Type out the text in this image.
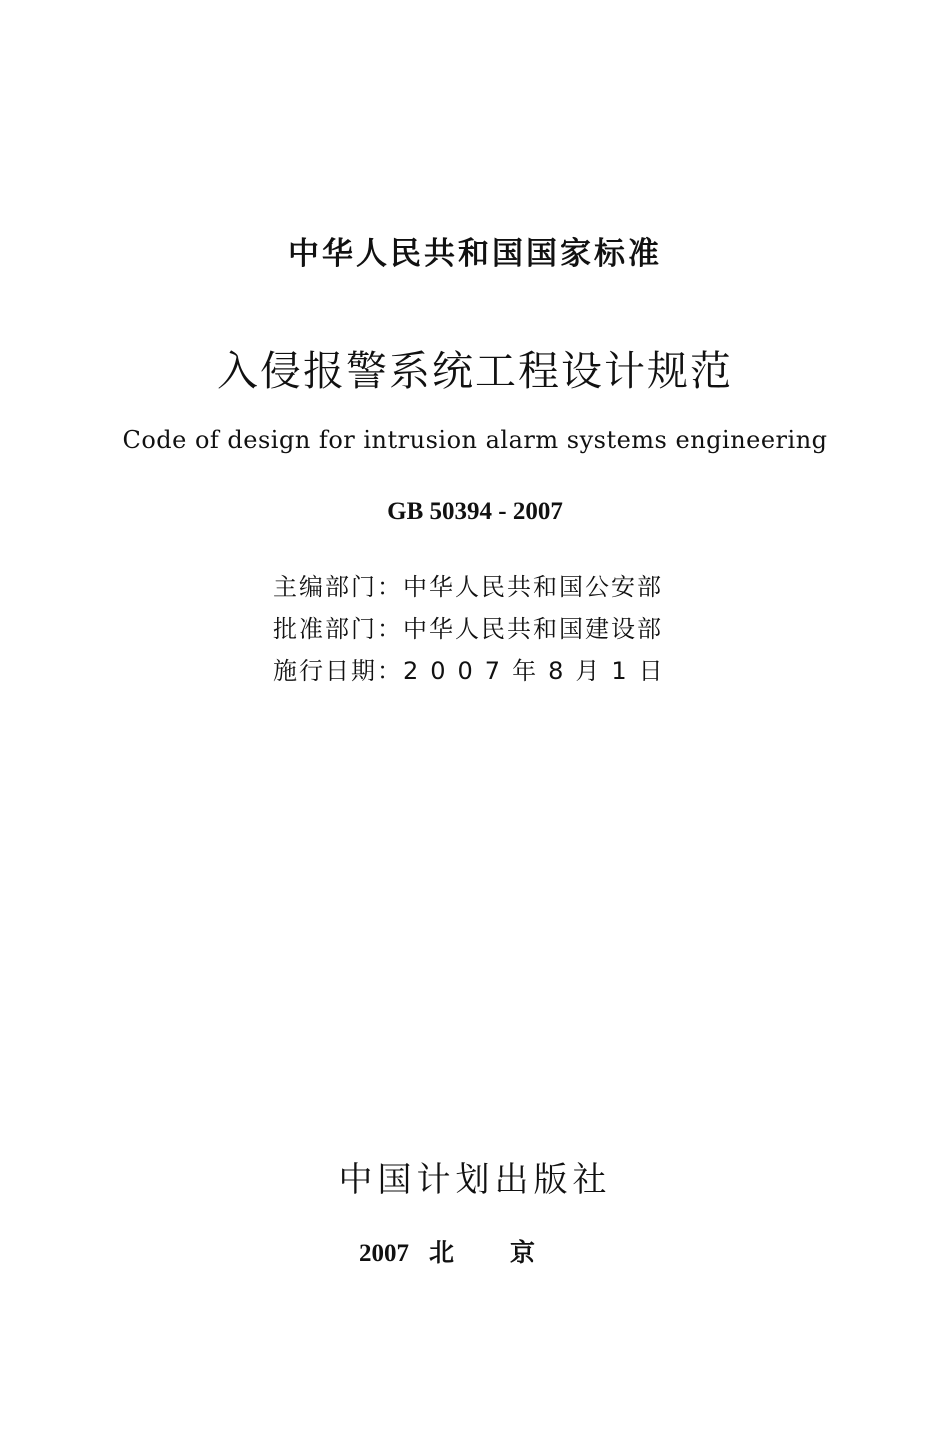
中华人民共和国国家标准
入侵报警系统工程设计规范
Code of design for intrusion alarm systems engineering
GB 50394 - 2007
主编部门：中华人民共和国公安部
批准部门：中华人民共和国建设部
施行日期：2007年8月1日
中国计划出版社
2007 北京
